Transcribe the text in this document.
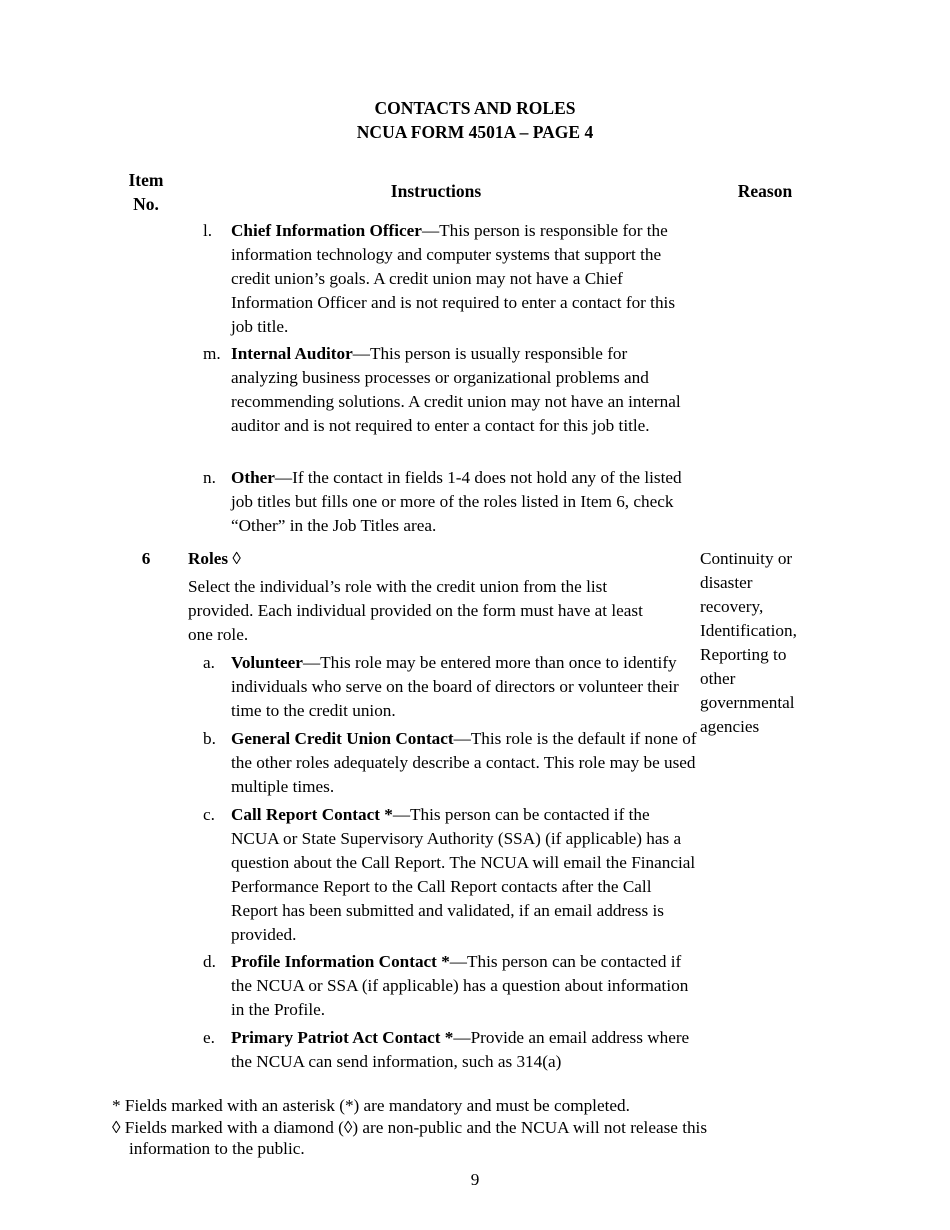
CONTACTS AND ROLES
NCUA FORM 4501A – PAGE 4
Item
No.
Instructions	Reason
l. Chief Information Officer—This person is responsible for the information technology and computer systems that support the credit union’s goals. A credit union may not have a Chief Information Officer and is not required to enter a contact for this job title.
m. Internal Auditor—This person is usually responsible for analyzing business processes or organizational problems and recommending solutions. A credit union may not have an internal auditor and is not required to enter a contact for this job title.
n. Other—If the contact in fields 1-4 does not hold any of the listed job titles but fills one or more of the roles listed in Item 6, check “Other” in the Job Titles area.
6	Roles ◊
Select the individual’s role with the credit union from the list provided. Each individual provided on the form must have at least one role.
Continuity or disaster recovery, Identification, Reporting to other governmental agencies
a. Volunteer—This role may be entered more than once to identify individuals who serve on the board of directors or volunteer their time to the credit union.
b. General Credit Union Contact—This role is the default if none of the other roles adequately describe a contact. This role may be used multiple times.
c. Call Report Contact *—This person can be contacted if the NCUA or State Supervisory Authority (SSA) (if applicable) has a question about the Call Report. The NCUA will email the Financial Performance Report to the Call Report contacts after the Call Report has been submitted and validated, if an email address is provided.
d. Profile Information Contact *—This person can be contacted if the NCUA or SSA (if applicable) has a question about information in the Profile.
e. Primary Patriot Act Contact *—Provide an email address where the NCUA can send information, such as 314(a)
* Fields marked with an asterisk (*) are mandatory and must be completed.
◊ Fields marked with a diamond (◊) are non-public and the NCUA will not release this information to the public.
9
